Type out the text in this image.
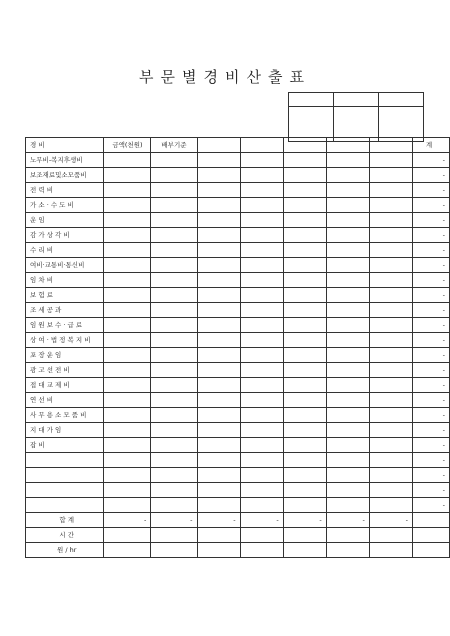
부문별경비산출표

경 비	금액(천원)	배부기준						계
노무비-복지후생비								-
보조재료및소모품비								-
전 력 비								-
가 소 · 수 도 비								-
운 임								-
감 가 상 각 비								-
수 리 비								-
여비·교통비·통신비								-
임 차 비								-
보 험 료								-
조 세 공 과								-
임 원 보 수 · 급 료								-
상 여 · 법 정 복 지 비								-
포 장 운 임								-
광 고 선 전 비								-
접 대 교 제 비								-
연 선 비								-
사 무 용 소 모 품 비								-
지 대 가 임								-
잡 비								-
								-
								-
								-
								-
합 계	-	-	-	-	-	-	-	
시 간								
원 / hr								
